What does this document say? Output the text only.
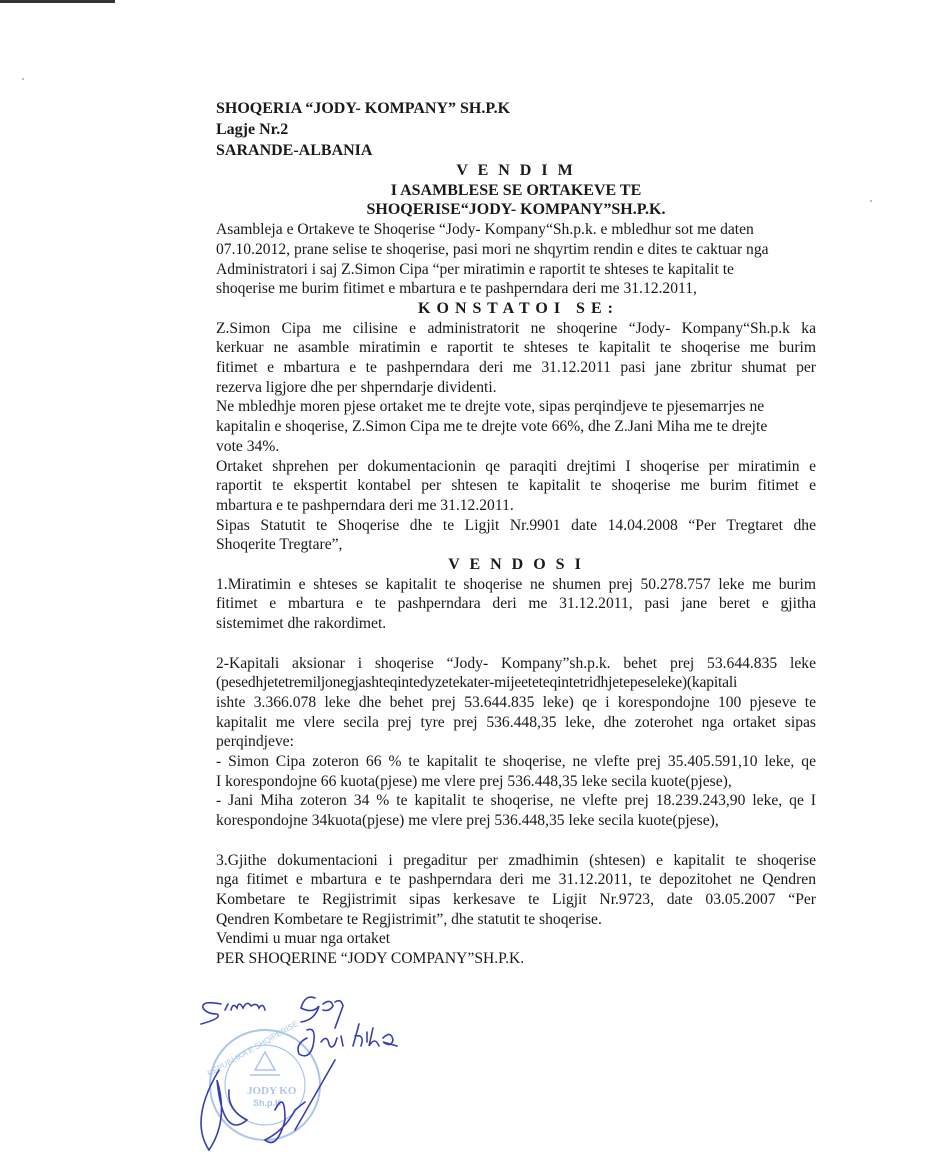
SHOQERIA “JODY- KOMPANY” SH.P.K
Lagje Nr.2
SARANDE-ALBANIA
V E N D I M
I ASAMBLESE SE ORTAKEVE TE
SHOQERISE“JODY- KOMPANY”SH.P.K.
Asambleja e Ortakeve te Shoqerise “Jody- Kompany“Sh.p.k. e mbledhur sot me daten
07.10.2012, prane selise te shoqerise, pasi mori ne shqyrtim rendin e dites te caktuar nga
Administratori i saj Z.Simon Cipa “per miratimin e raportit te shteses te kapitalit te
shoqerise me burim fitimet e mbartura e te pashperndara deri me 31.12.2011,
K O N S T A T O I   S E :
Z.Simon Cipa me cilisine e administratorit ne shoqerine “Jody- Kompany“Sh.p.k ka
kerkuar ne asamble miratimin e raportit te shteses te kapitalit te shoqerise me burim
fitimet e mbartura e te pashperndara deri me 31.12.2011 pasi jane zbritur shumat per
rezerva ligjore dhe per shperndarje dividenti.
Ne mbledhje moren pjese ortaket me te drejte vote, sipas perqindjeve te pjesemarrjes ne
kapitalin e shoqerise, Z.Simon Cipa me te drejte vote 66%, dhe Z.Jani Miha me te drejte
vote 34%.
Ortaket shprehen per dokumentacionin qe paraqiti drejtimi I shoqerise per miratimin e
raportit te ekspertit kontabel per shtesen te kapitalit te shoqerise me burim fitimet e
mbartura e te pashperndara deri me 31.12.2011.
Sipas Statutit te Shoqerise dhe te Ligjit Nr.9901 date 14.04.2008 “Per Tregtaret dhe
Shoqerite Tregtare”,
V E N D O S I
1.Miratimin e shteses se kapitalit te shoqerise ne shumen prej 50.278.757 leke me burim
fitimet e mbartura e te pashperndara deri me 31.12.2011, pasi jane beret e gjitha
sistemimet dhe rakordimet.
2-Kapitali aksionar i shoqerise “Jody- Kompany”sh.p.k. behet prej 53.644.835 leke
(pesedhjetetremiljonegjashteqintedyzetekater-mijeeteteqintetridhjetepeseleke)(kapitali
ishte 3.366.078 leke dhe behet prej 53.644.835 leke) qe i korespondojne 100 pjeseve te
kapitalit me vlere secila prej tyre prej 536.448,35 leke, dhe zoterohet nga ortaket sipas
perqindjeve:
- Simon Cipa zoteron 66 % te kapitalit te shoqerise, ne vlefte prej 35.405.591,10 leke, qe
I korespondojne 66 kuota(pjese) me vlere prej 536.448,35 leke secila kuote(pjese),
- Jani Miha zoteron 34 % te kapitalit te shoqerise, ne vlefte prej 18.239.243,90 leke, qe I
korespondojne 34kuota(pjese) me vlere prej 536.448,35 leke secila kuote(pjese),
3.Gjithe dokumentacioni i pregaditur per zmadhimin (shtesen) e kapitalit te shoqerise
nga fitimet e mbartura e te pashperndara deri me 31.12.2011, te depozitohet ne Qendren
Kombetare te Regjistrimit sipas kerkesave te Ligjit Nr.9723, date 03.05.2007 “Per
Qendren Kombetare te Regjistrimit”, dhe statutit te shoqerise.
Vendimi u muar nga ortaket
PER SHOQERINE “JODY COMPANY”SH.P.K.
JODY KO
Sh.p.K
REPUBLIKA E SHQIPERISE
